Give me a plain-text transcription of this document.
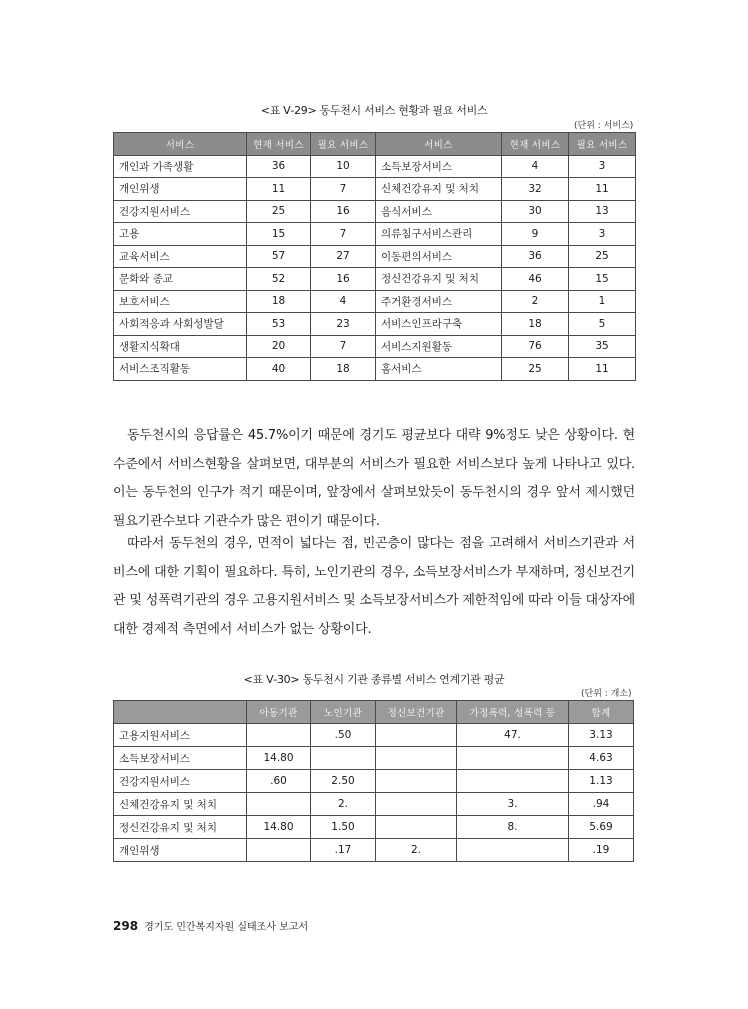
<표 Ⅴ-29> 동두천시 서비스 현황과 필요 서비스
(단위 : 서비스)
서비스	현재 서비스	필요 서비스	서비스	현재 서비스	필요 서비스
개인과 가족생활	36	10	소득보장서비스	4	3
개인위생	11	7	신체건강유지 및 처치	32	11
건강지원서비스	25	16	음식서비스	30	13
고용	15	7	의류침구서비스관리	9	3
교육서비스	57	27	이동편의서비스	36	25
문화와 종교	52	16	정신건강유지 및 처치	46	15
보호서비스	18	4	주거환경서비스	2	1
사회적응과 사회성발달	53	23	서비스인프라구축	18	5
생활지식확대	20	7	서비스지원활동	76	35
서비스조직활동	40	18	홈서비스	25	11

동두천시의 응답률은 45.7%이기 때문에 경기도 평균보다 대략 9%정도 낮은 상황이다. 현수준에서 서비스현황을 살펴보면, 대부분의 서비스가 필요한 서비스보다 높게 나타나고 있다. 이는 동두천의 인구가 적기 때문이며, 앞장에서 살펴보았듯이 동두천시의 경우 앞서 제시했던 필요기관수보다 기관수가 많은 편이기 때문이다.

따라서 동두천의 경우, 면적이 넓다는 점, 빈곤층이 많다는 점을 고려해서 서비스기관과 서비스에 대한 기획이 필요하다. 특히, 노인기관의 경우, 소득보장서비스가 부재하며, 정신보건기관 및 성폭력기관의 경우 고용지원서비스 및 소득보장서비스가 제한적임에 따라 이들 대상자에 대한 경제적 측면에서 서비스가 없는 상황이다.

<표 Ⅴ-30> 동두천시 기관 종류별 서비스 연계기관 평균
(단위 : 개소)
	아동기관	노인기관	정신보건기관	가정폭력, 성폭력 등	합계
고용지원서비스		.50		47.	3.13
소득보장서비스	14.80				4.63
건강지원서비스	.60	2.50			1.13
신체건강유지 및 처치		2.		3.	.94
정신건강유지 및 처치	14.80	1.50		8.	5.69
개인위생		.17	2.		.19
298 경기도 민간복지자원 실태조사 보고서
